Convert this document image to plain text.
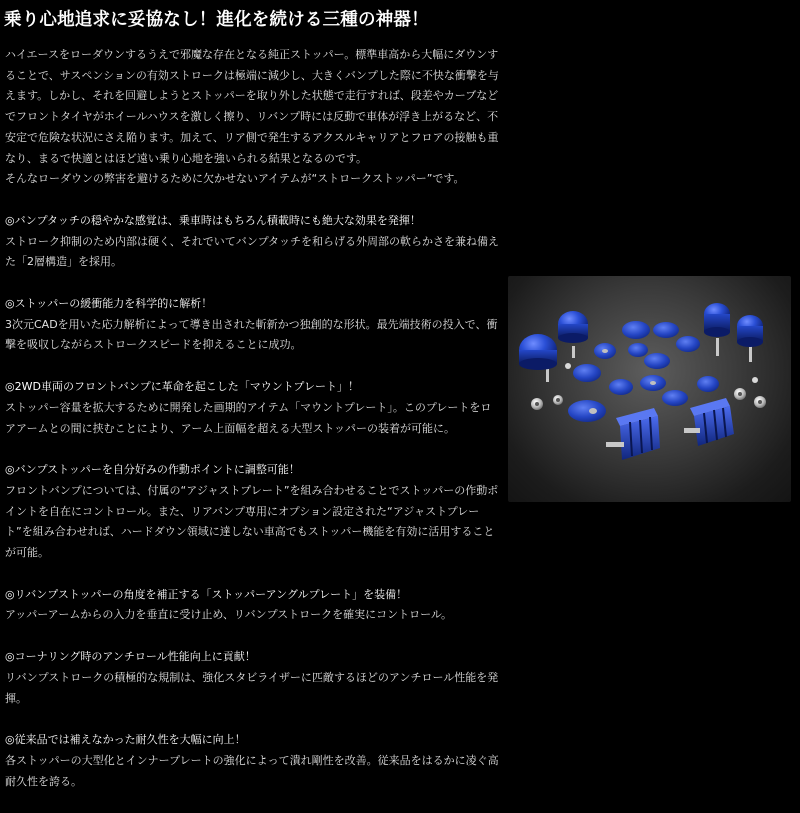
乗り心地追求に妥協なし！進化を続ける三種の神器！

ハイエースをローダウンするうえで邪魔な存在となる純正ストッパー。標準車高から大幅にダウンすることで、サスペンションの有効ストロークは極端に減少し、大きくバンプした際に不快な衝撃を与えます。しかし、それを回避しようとストッパーを取り外した状態で走行すれば、段差やカーブなどでフロントタイヤがホイールハウスを激しく擦り、リバンプ時には反動で車体が浮き上がるなど、不安定で危険な状況にさえ陥ります。加えて、リア側で発生するアクスルキャリアとフロアの接触も重なり、まるで快適とはほど遠い乗り心地を強いられる結果となるのです。
そんなローダウンの弊害を避けるために欠かせないアイテムが“ストロークストッパー”です。

◎バンプタッチの穏やかな感覚は、乗車時はもちろん積載時にも絶大な効果を発揮！

ストローク抑制のため内部は硬く、それでいてバンプタッチを和らげる外周部の軟らかさを兼ね備えた「2層構造」を採用。

◎ストッパーの緩衝能力を科学的に解析！

3次元CADを用いた応力解析によって導き出された斬新かつ独創的な形状。最先端技術の投入で、衝撃を吸収しながらストロークスピードを抑えることに成功。

◎2WD車両のフロントバンプに革命を起こした「マウントプレート」！

ストッパー容量を拡大するために開発した画期的アイテム「マウントプレート」。このプレートをロアアームとの間に挟むことにより、アーム上面幅を超える大型ストッパーの装着が可能に。

◎バンプストッパーを自分好みの作動ポイントに調整可能！

フロントバンプについては、付属の“アジャストプレート”を組み合わせることでストッパーの作動ポイントを自在にコントロール。また、リアバンプ専用にオプション設定された“アジャストプレート”を組み合わせれば、ハードダウン領域に達しない車高でもストッパー機能を有効に活用することが可能。

◎リバンプストッパーの角度を補正する「ストッパーアングルプレート」を装備！

アッパーアームからの入力を垂直に受け止め、リバンプストロークを確実にコントロール。

◎コーナリング時のアンチロール性能向上に貢献！

リバンプストロークの積極的な規制は、強化スタビライザーに匹敵するほどのアンチロール性能を発揮。

◎従来品では補えなかった耐久性を大幅に向上！

各ストッパーの大型化とインナープレートの強化によって潰れ剛性を改善。従来品をはるかに凌ぐ高耐久性を誇る。
